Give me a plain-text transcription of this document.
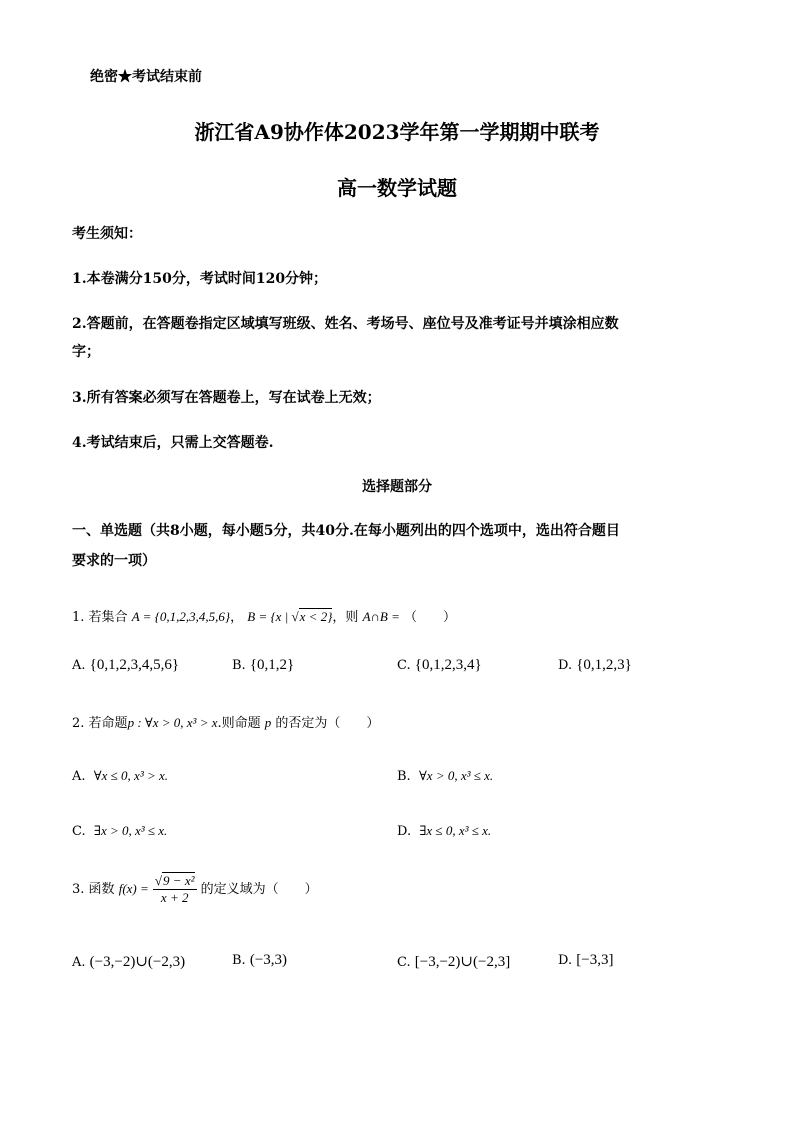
绝密★考试结束前
浙江省A9协作体2023学年第一学期期中联考
高一数学试题
考生须知：
1.本卷满分150分，考试时间120分钟；
2.答题前，在答题卷指定区域填写班级、姓名、考场号、座位号及准考证号并填涂相应数
字；
3.所有答案必须写在答题卷上，写在试卷上无效；
4.考试结束后，只需上交答题卷.
选择题部分
一、单选题（共8小题，每小题5分，共40分.在每小题列出的四个选项中，选出符合题目
要求的一项）
1. 若集合 A = {0,1,2,3,4,5,6}， B = {x | √x < 2}，则 A∩B = （　　）
A. {0,1,2,3,4,5,6}	B. {0,1,2}	C. {0,1,2,3,4}	D. {0,1,2,3}
2. 若命题p : ∀x > 0, x³ > x.则命题 p 的否定为（　　）
A. ∀x ≤ 0, x³ > x.	B. ∀x > 0, x³ ≤ x.
C. ∃x > 0, x³ ≤ x.	D. ∃x ≤ 0, x³ ≤ x.
3. 函数 $f(x) = \frac{\text{√9 − x²}}{x + 2}$ 的定义域为（　　）
A. (−3,−2)∪(−2,3)	B. (−3,3)	C. [−3,−2)∪(−2,3]	D. [−3,3]
